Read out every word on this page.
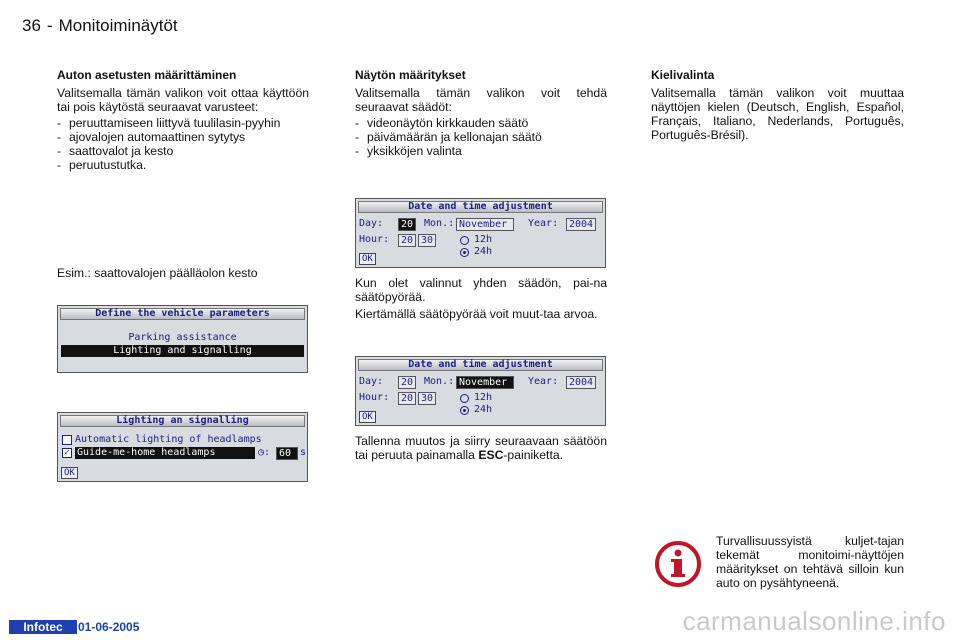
36 - Monitoiminäytöt
Auton asetusten määrittäminen

Valitsemalla tämän valikon voit ottaa käyttöön tai pois käytöstä seuraavat varusteet:

- peruuttamiseen liittyvä tuulilasin-pyyhin
- ajovalojen automaattinen sytytys
- saattovalot ja kesto
- peruutustutka.
Esim.: saattovalojen päälläolon kesto
Define the vehicle parameters
Parking assistance
Lighting and signalling
Lighting an signalling
Automatic lighting of headlamps
✓ Guide-me-home headlamps	◷: 60 s
OK
Näytön määritykset

Valitsemalla tämän valikon voit tehdä seuraavat säädöt:

- videonäytön kirkkauden säätö
- päivämäärän ja kellonajan säätö
- yksikköjen valinta
Date and time adjustment
Day:	20	Mon.: November	Year:	2004
Hour:	20 30	12h
24h
OK

Kun olet valinnut yhden säädön, pai-na säätöpyörää.

Kiertämällä säätöpyörää voit muut-taa arvoa.

Date and time adjustment
Day:	20	Mon.: November	Year:	2004
Hour:	20 30	12h
24h
OK

Tallenna muutos ja siirry seuraavaan säätöön tai peruuta painamalla ESC-painiketta.

Kielivalinta

Valitsemalla tämän valikon voit muuttaa näyttöjen kielen (Deutsch, English, Español, Français, Italiano, Nederlands, Português, Português-Brésil).

Turvallisuussyistä kuljet-tajan tekemät monitoimi-näyttöjen määritykset on tehtävä silloin kun auto on pysähtyneenä.
Infotec	01-06-2005	carmanualsonline.info
